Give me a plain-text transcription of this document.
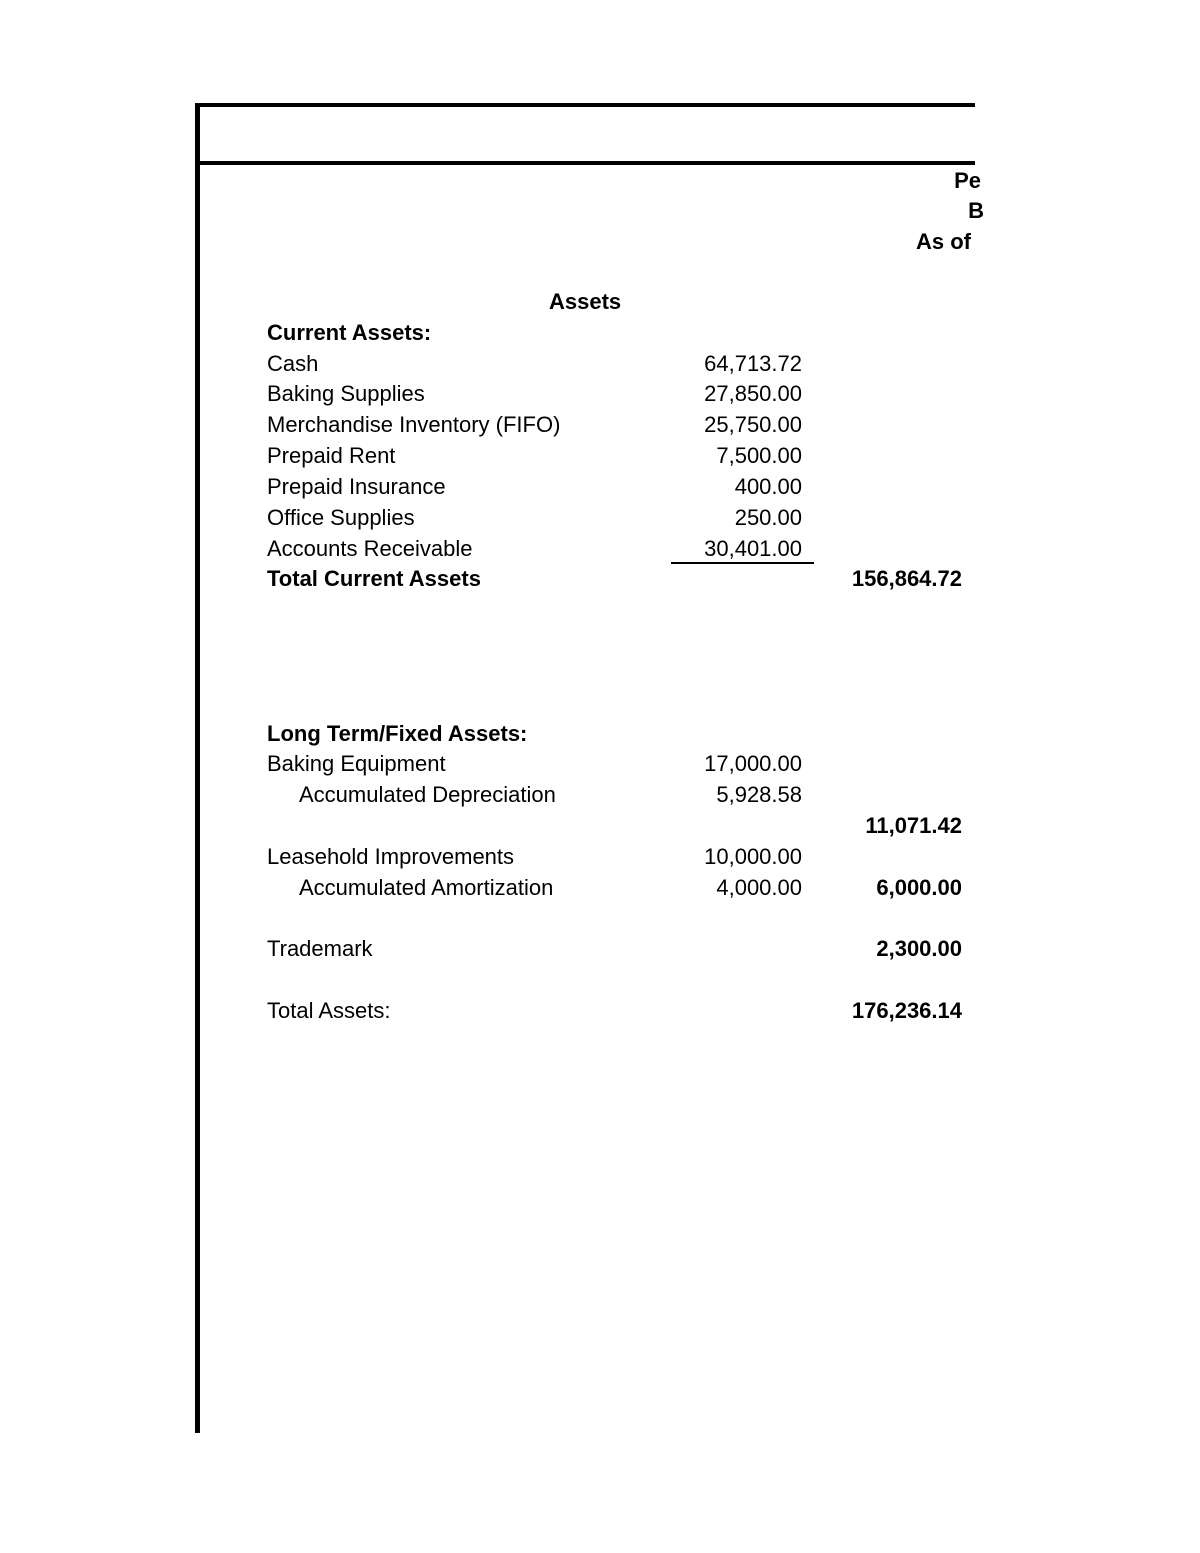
Pe
B
As of
Assets
Current Assets:
Cash	64,713.72
Baking Supplies	27,850.00
Merchandise Inventory (FIFO)	25,750.00
Prepaid Rent	7,500.00
Prepaid Insurance	400.00
Office Supplies	250.00
Accounts Receivable	30,401.00
Total Current Assets	156,864.72
Long Term/Fixed Assets:
Baking Equipment	17,000.00
Accumulated Depreciation	5,928.58
11,071.42
Leasehold Improvements	10,000.00
Accumulated Amortization	4,000.00	6,000.00
Trademark	2,300.00
Total Assets:	176,236.14
